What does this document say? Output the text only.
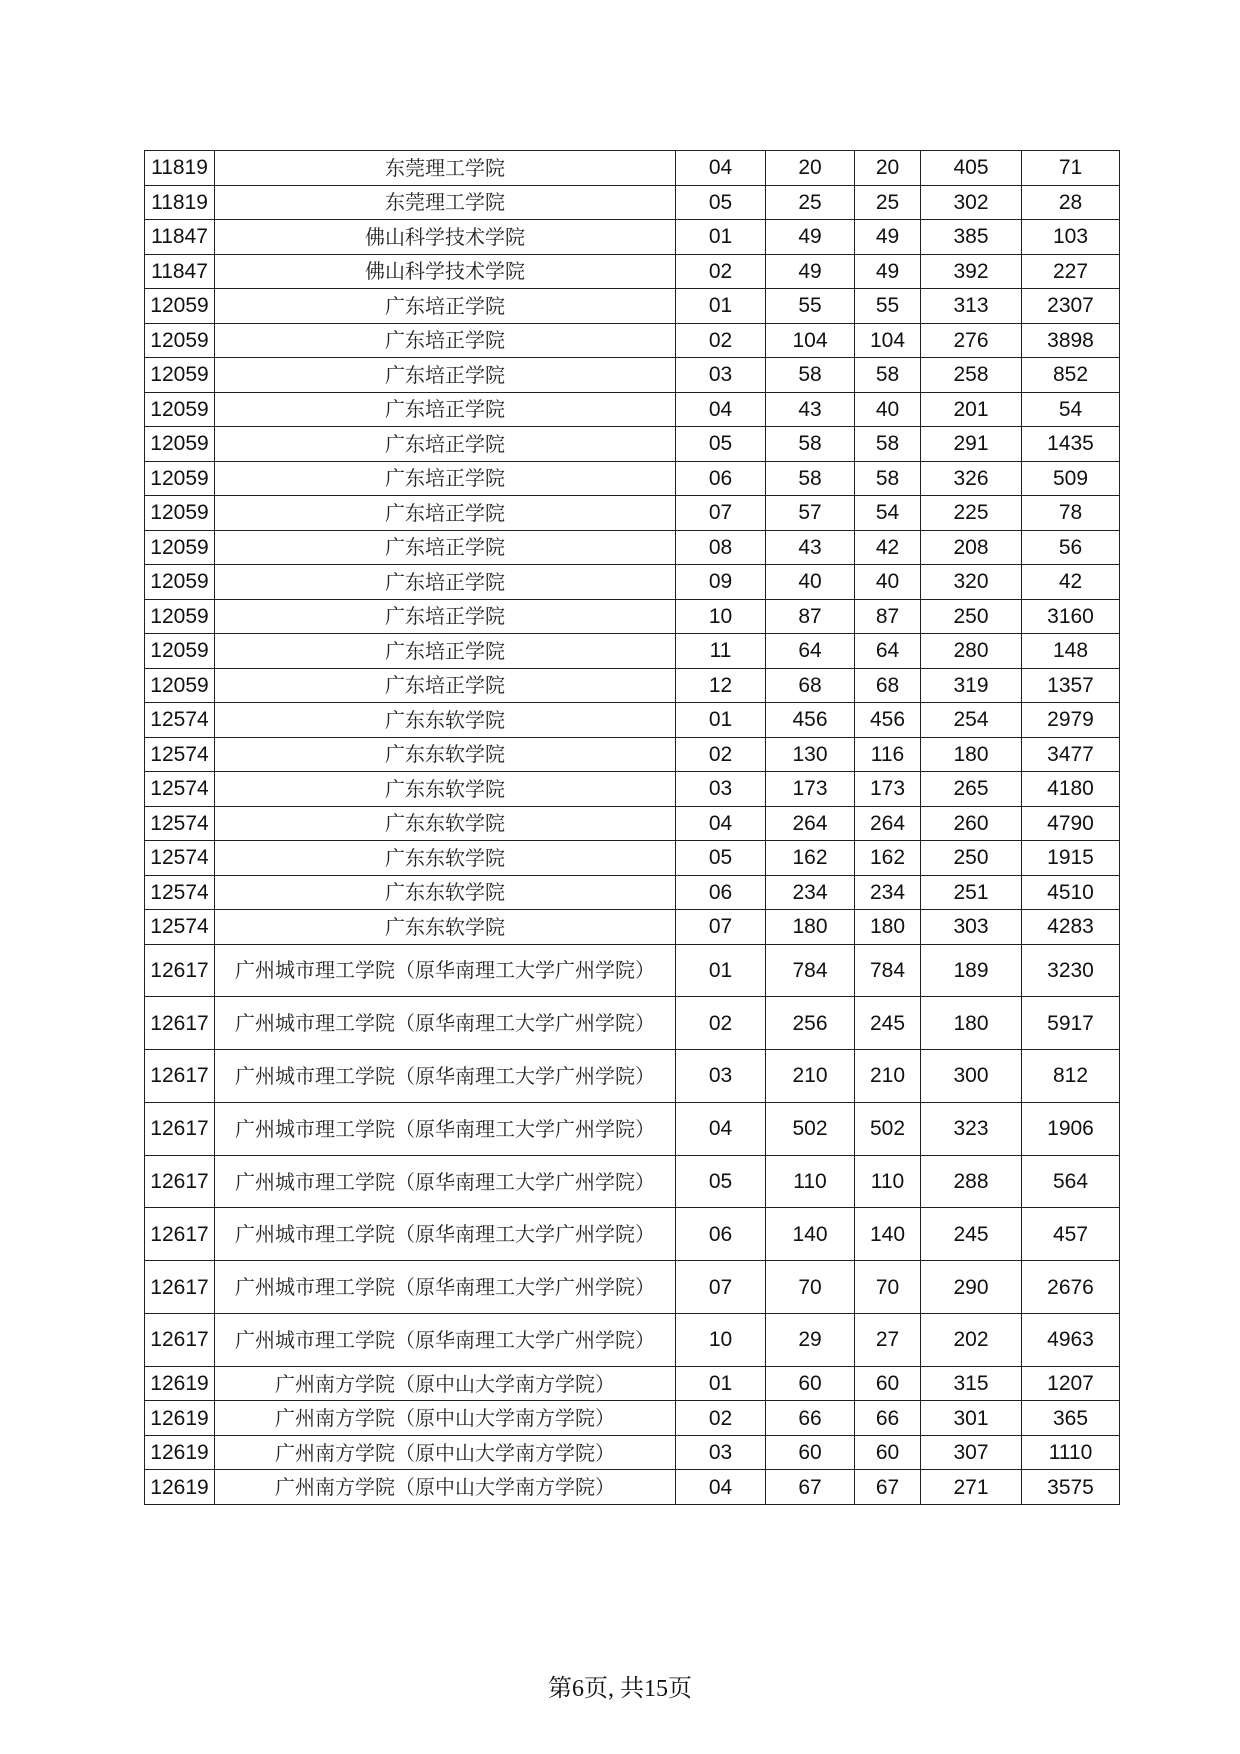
11819	东莞理工学院	04	20	20	405	71
11819	东莞理工学院	05	25	25	302	28
11847	佛山科学技术学院	01	49	49	385	103
11847	佛山科学技术学院	02	49	49	392	227
12059	广东培正学院	01	55	55	313	2307
12059	广东培正学院	02	104	104	276	3898
12059	广东培正学院	03	58	58	258	852
12059	广东培正学院	04	43	40	201	54
12059	广东培正学院	05	58	58	291	1435
12059	广东培正学院	06	58	58	326	509
12059	广东培正学院	07	57	54	225	78
12059	广东培正学院	08	43	42	208	56
12059	广东培正学院	09	40	40	320	42
12059	广东培正学院	10	87	87	250	3160
12059	广东培正学院	11	64	64	280	148
12059	广东培正学院	12	68	68	319	1357
12574	广东东软学院	01	456	456	254	2979
12574	广东东软学院	02	130	116	180	3477
12574	广东东软学院	03	173	173	265	4180
12574	广东东软学院	04	264	264	260	4790
12574	广东东软学院	05	162	162	250	1915
12574	广东东软学院	06	234	234	251	4510
12574	广东东软学院	07	180	180	303	4283
12617	广州城市理工学院（原华南理工大学广州学院）	01	784	784	189	3230
12617	广州城市理工学院（原华南理工大学广州学院）	02	256	245	180	5917
12617	广州城市理工学院（原华南理工大学广州学院）	03	210	210	300	812
12617	广州城市理工学院（原华南理工大学广州学院）	04	502	502	323	1906
12617	广州城市理工学院（原华南理工大学广州学院）	05	110	110	288	564
12617	广州城市理工学院（原华南理工大学广州学院）	06	140	140	245	457
12617	广州城市理工学院（原华南理工大学广州学院）	07	70	70	290	2676
12617	广州城市理工学院（原华南理工大学广州学院）	10	29	27	202	4963
12619	广州南方学院（原中山大学南方学院）	01	60	60	315	1207
12619	广州南方学院（原中山大学南方学院）	02	66	66	301	365
12619	广州南方学院（原中山大学南方学院）	03	60	60	307	1110
12619	广州南方学院（原中山大学南方学院）	04	67	67	271	3575
第6页, 共15页
